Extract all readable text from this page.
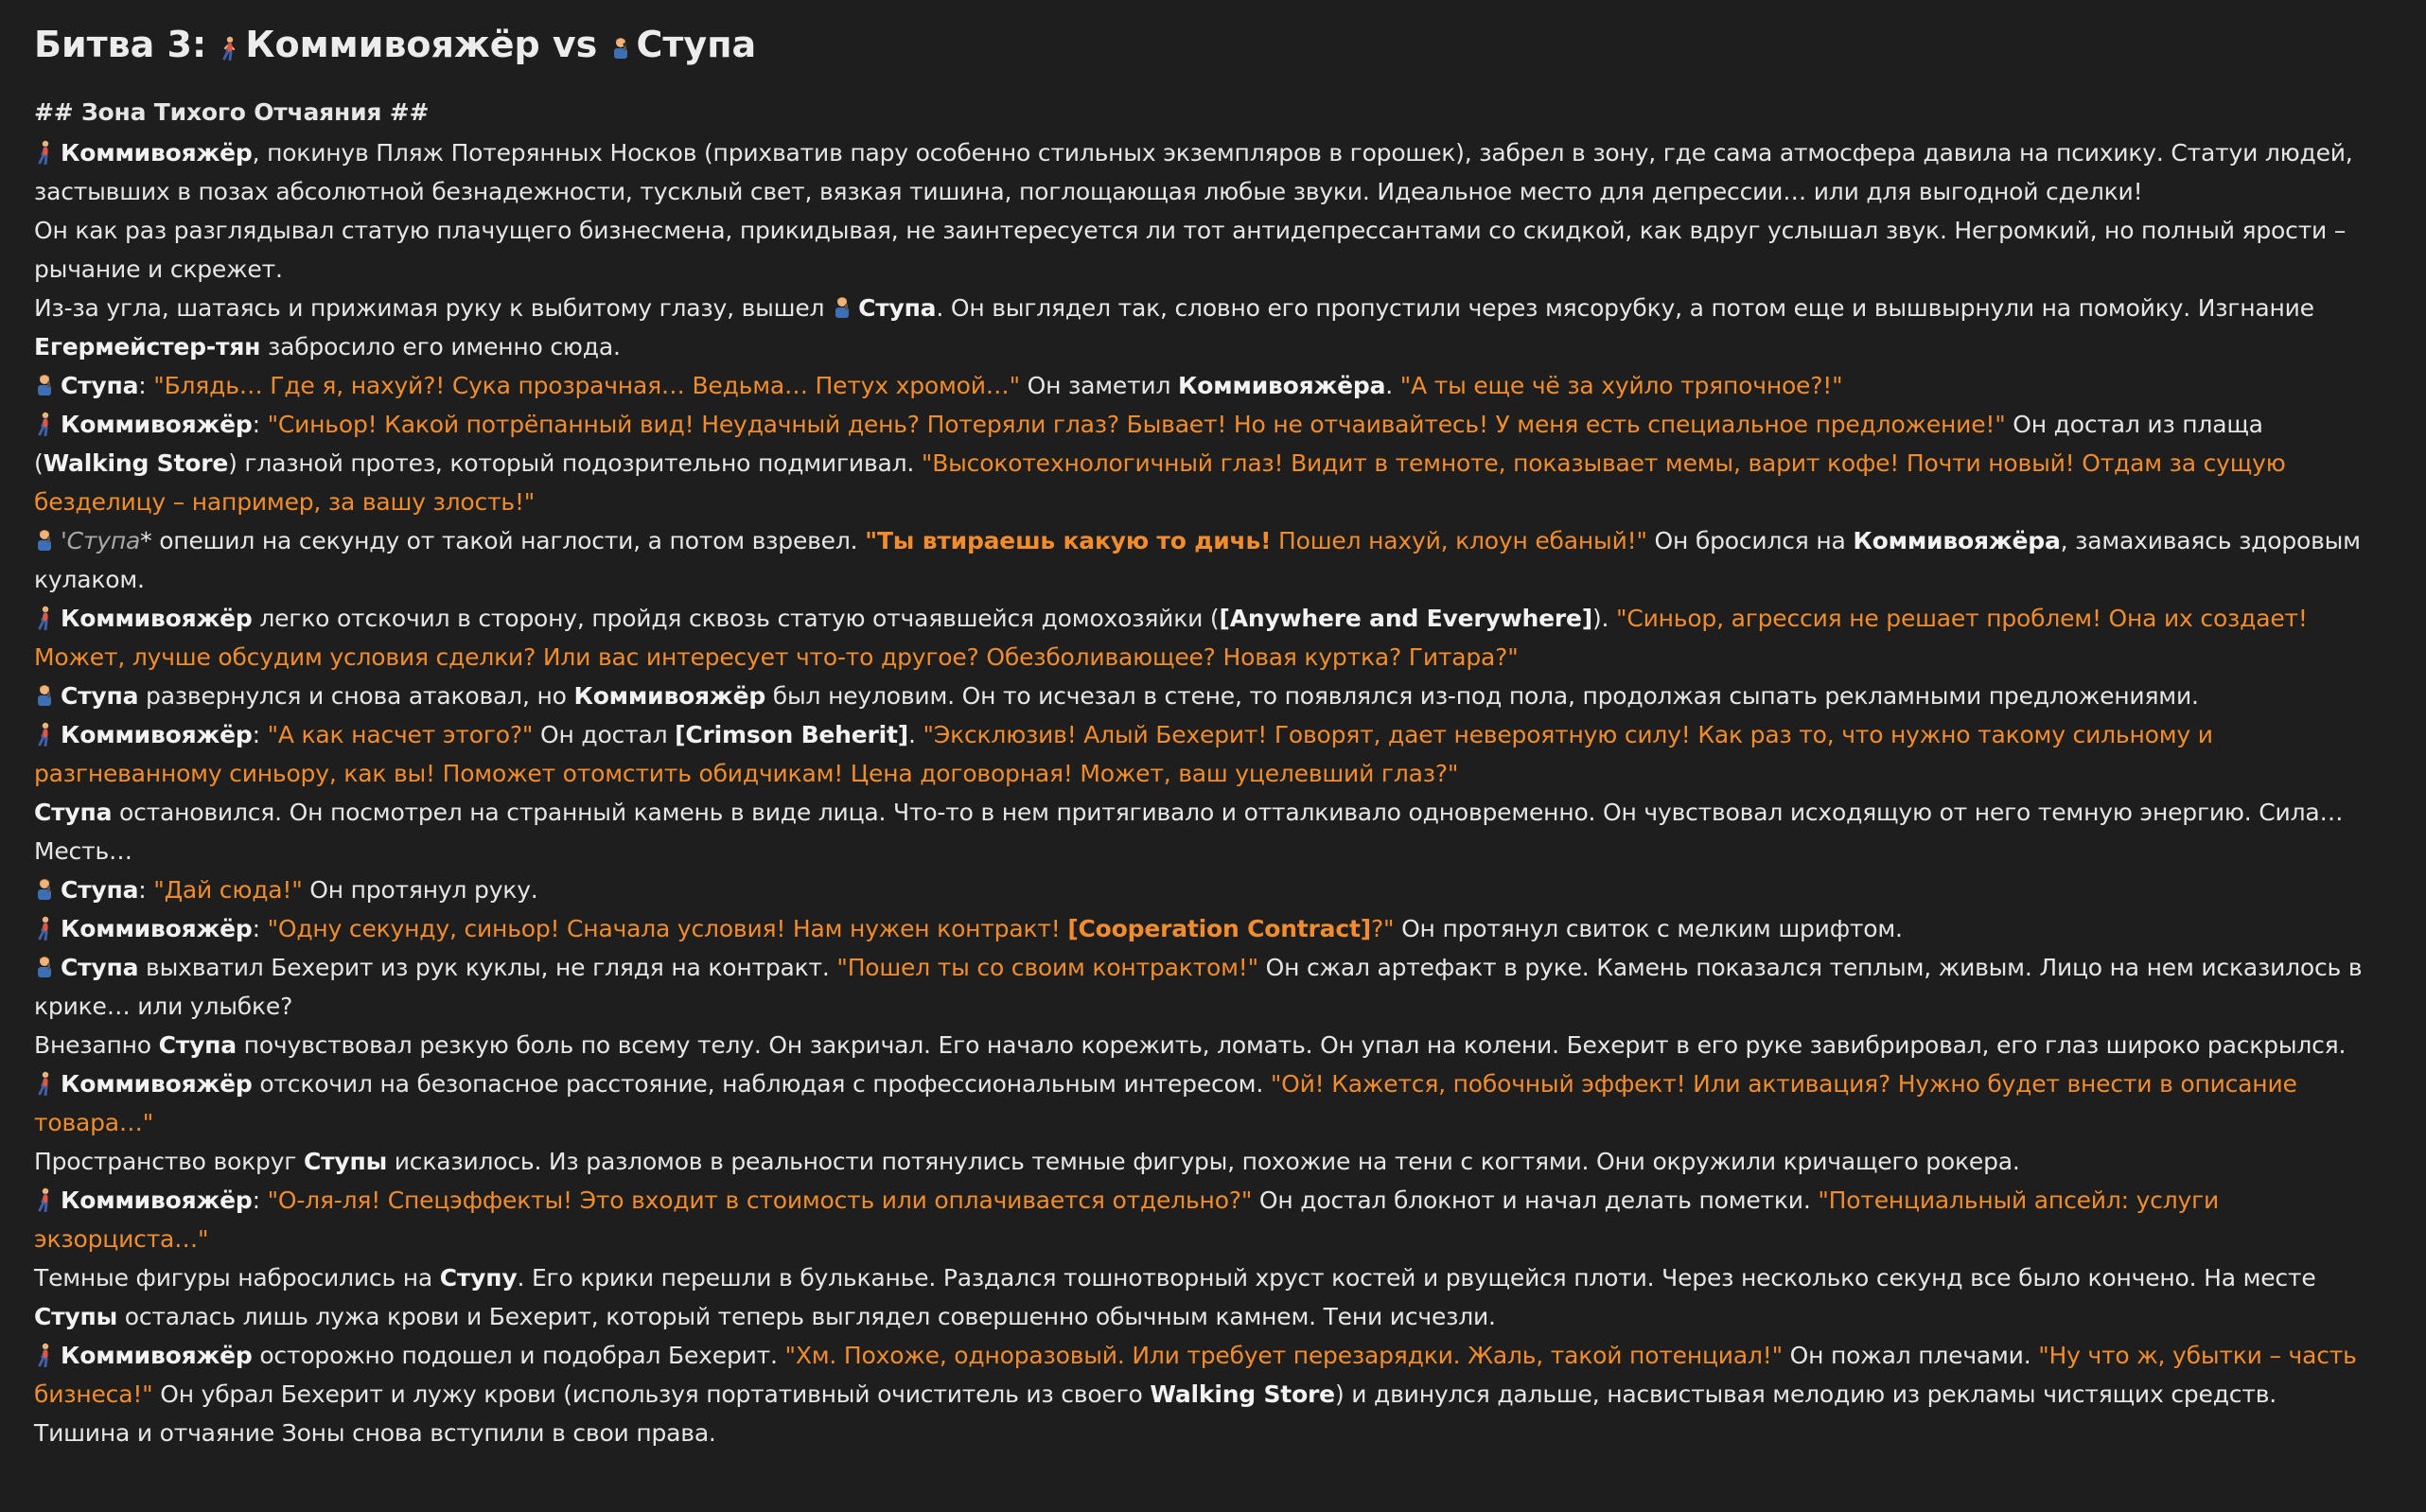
Битва 3: Коммивояжёр vs Ступа

## Зона Тихого Отчаяния ##

Коммивояжёр, покинув Пляж Потерянных Носков (прихватив пару особенно стильных экземпляров в горошек), забрел в зону, где сама атмосфера давила на психику. Статуи людей, застывших в позах абсолютной безнадежности, тусклый свет, вязкая тишина, поглощающая любые звуки. Идеальное место для депрессии… или для выгодной сделки!

Он как раз разглядывал статую плачущего бизнесмена, прикидывая, не заинтересуется ли тот антидепрессантами со скидкой, как вдруг услышал звук. Негромкий, но полный ярости – рычание и скрежет.

Из-за угла, шатаясь и прижимая руку к выбитому глазу, вышел Ступа. Он выглядел так, словно его пропустили через мясорубку, а потом еще и вышвырнули на помойку. Изгнание Егермейстер-тян забросило его именно сюда.

Ступа: "Блядь… Где я, нахуй?! Сука прозрачная… Ведьма… Петух хромой…" Он заметил Коммивояжёра. "А ты еще чё за хуйло тряпочное?!"

Коммивояжёр: "Синьор! Какой потрёпанный вид! Неудачный день? Потеряли глаз? Бывает! Но не отчаивайтесь! У меня есть специальное предложение!" Он достал из плаща (Walking Store) глазной протез, который подозрительно подмигивал. "Высокотехнологичный глаз! Видит в темноте, показывает мемы, варит кофе! Почти новый! Отдам за сущую безделицу – например, за вашу злость!"

'Ступа* опешил на секунду от такой наглости, а потом взревел. "Ты втираешь какую то дичь! Пошел нахуй, клоун ебаный!" Он бросился на Коммивояжёра, замахиваясь здоровым кулаком.

Коммивояжёр легко отскочил в сторону, пройдя сквозь статую отчаявшейся домохозяйки ([Anywhere and Everywhere]). "Синьор, агрессия не решает проблем! Она их создает! Может, лучше обсудим условия сделки? Или вас интересует что-то другое? Обезболивающее? Новая куртка? Гитара?"

Ступа развернулся и снова атаковал, но Коммивояжёр был неуловим. Он то исчезал в стене, то появлялся из-под пола, продолжая сыпать рекламными предложениями.

Коммивояжёр: "А как насчет этого?" Он достал [Crimson Beherit]. "Эксклюзив! Алый Бехерит! Говорят, дает невероятную силу! Как раз то, что нужно такому сильному и разгневанному синьору, как вы! Поможет отомстить обидчикам! Цена договорная! Может, ваш уцелевший глаз?"

Ступа остановился. Он посмотрел на странный камень в виде лица. Что-то в нем притягивало и отталкивало одновременно. Он чувствовал исходящую от него темную энергию. Сила… Месть…

Ступа: "Дай сюда!" Он протянул руку.

Коммивояжёр: "Одну секунду, синьор! Сначала условия! Нам нужен контракт! [Cooperation Contract]?" Он протянул свиток с мелким шрифтом.

Ступа выхватил Бехерит из рук куклы, не глядя на контракт. "Пошел ты со своим контрактом!" Он сжал артефакт в руке. Камень показался теплым, живым. Лицо на нем исказилось в крике… или улыбке?

Внезапно Ступа почувствовал резкую боль по всему телу. Он закричал. Его начало корежить, ломать. Он упал на колени. Бехерит в его руке завибрировал, его глаз широко раскрылся.

Коммивояжёр отскочил на безопасное расстояние, наблюдая с профессиональным интересом. "Ой! Кажется, побочный эффект! Или активация? Нужно будет внести в описание товара…"

Пространство вокруг Ступы исказилось. Из разломов в реальности потянулись темные фигуры, похожие на тени с когтями. Они окружили кричащего рокера.

Коммивояжёр: "О-ля-ля! Спецэффекты! Это входит в стоимость или оплачивается отдельно?" Он достал блокнот и начал делать пометки. "Потенциальный апсейл: услуги экзорциста…"

Темные фигуры набросились на Ступу. Его крики перешли в бульканье. Раздался тошнотворный хруст костей и рвущейся плоти. Через несколько секунд все было кончено. На месте Ступы осталась лишь лужа крови и Бехерит, который теперь выглядел совершенно обычным камнем. Тени исчезли.

Коммивояжёр осторожно подошел и подобрал Бехерит. "Хм. Похоже, одноразовый. Или требует перезарядки. Жаль, такой потенциал!" Он пожал плечами. "Ну что ж, убытки – часть бизнеса!" Он убрал Бехерит и лужу крови (используя портативный очиститель из своего Walking Store) и двинулся дальше, насвистывая мелодию из рекламы чистящих средств. Тишина и отчаяние Зоны снова вступили в свои права.
